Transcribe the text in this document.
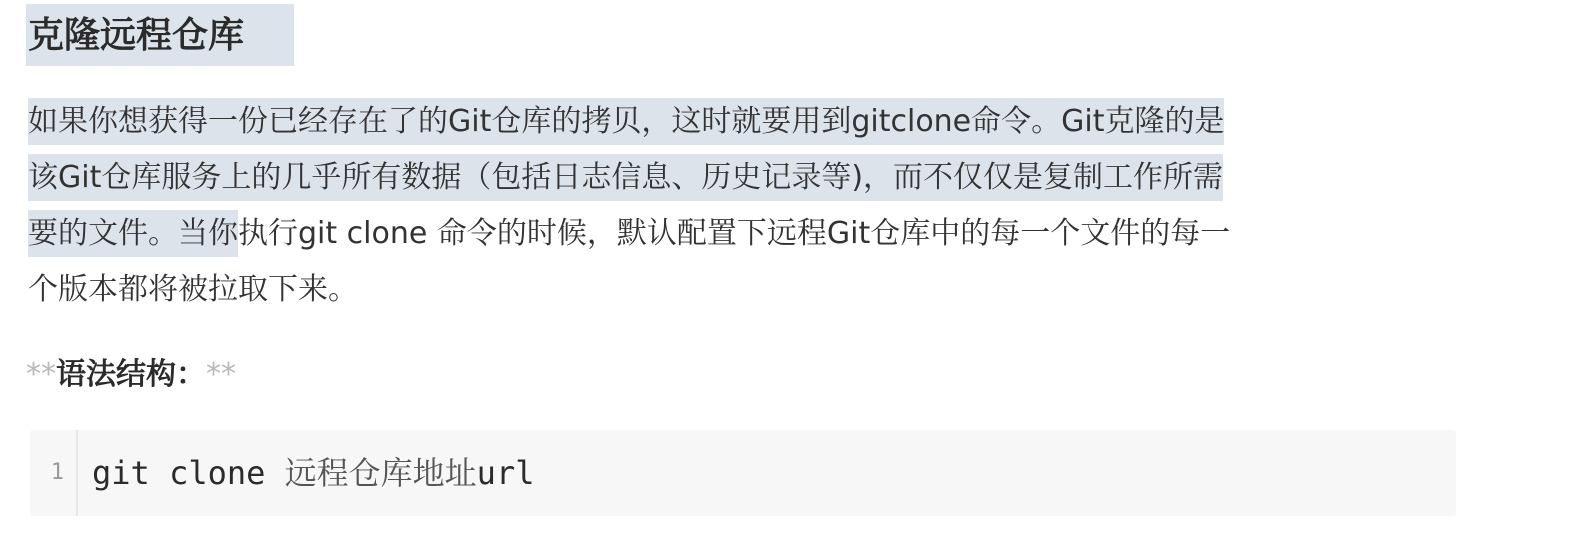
克隆远程仓库
如果你想获得一份已经存在了的Git仓库的拷贝，这时就要用到gitclone命令。Git克隆的是
该Git仓库服务上的几乎所有数据（包括日志信息、历史记录等)，而不仅仅是复制工作所需
要的文件。当你执行git clone 命令的时候，默认配置下远程Git仓库中的每一个文件的每一
个版本都将被拉取下来。
**语法结构：**
1 git clone 远程仓库地址url
